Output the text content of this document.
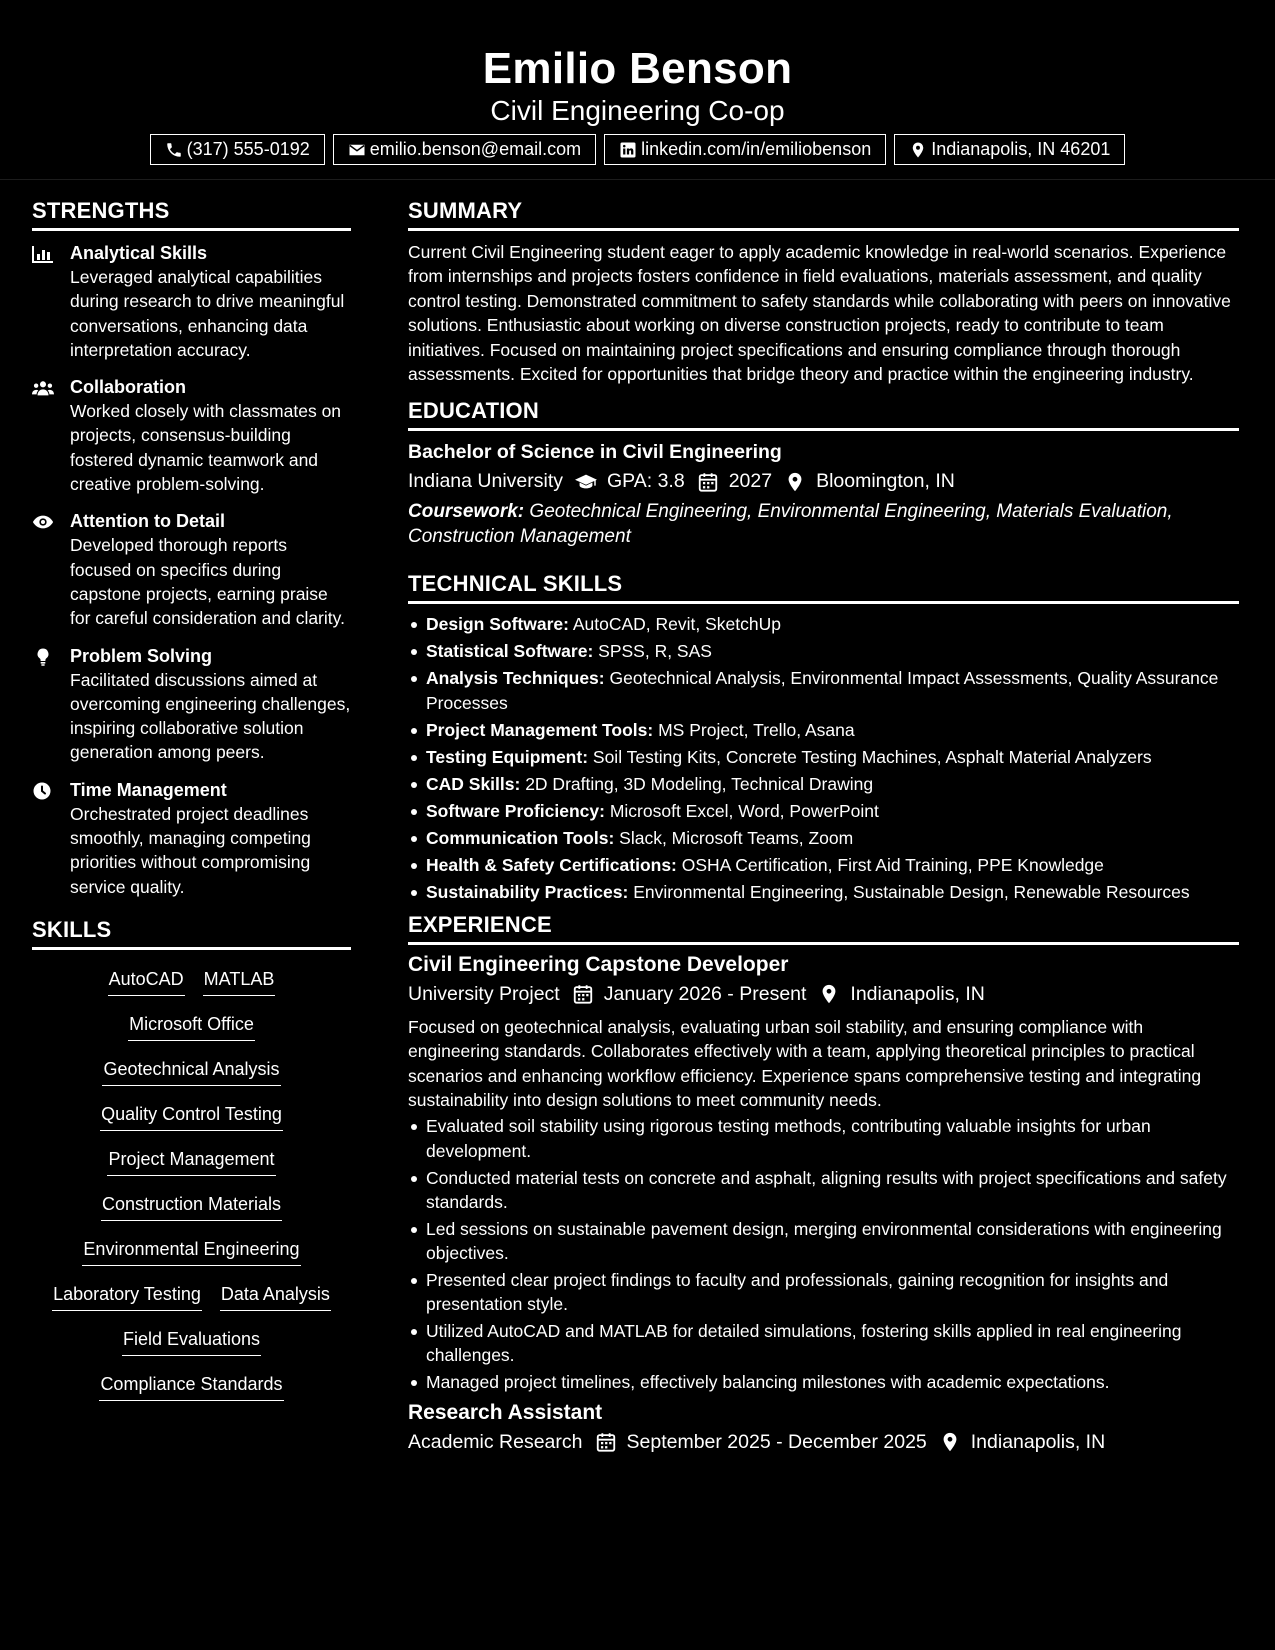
Emilio Benson
Civil Engineering Co-op
(317) 555-0192	emilio.benson@email.com	linkedin.com/in/emiliobenson	Indianapolis, IN 46201
STRENGTHS
Analytical Skills
Leveraged analytical capabilities during research to drive meaningful conversations, enhancing data interpretation accuracy.
Collaboration
Worked closely with classmates on projects, consensus-building fostered dynamic teamwork and creative problem-solving.
Attention to Detail
Developed thorough reports focused on specifics during capstone projects, earning praise for careful consideration and clarity.
Problem Solving
Facilitated discussions aimed at overcoming engineering challenges, inspiring collaborative solution generation among peers.
Time Management
Orchestrated project deadlines smoothly, managing competing priorities without compromising service quality.
SKILLS
AutoCAD MATLAB
Microsoft Office
Geotechnical Analysis
Quality Control Testing
Project Management
Construction Materials
Environmental Engineering
Laboratory Testing Data Analysis
Field Evaluations
Compliance Standards
SUMMARY
Current Civil Engineering student eager to apply academic knowledge in real-world scenarios. Experience from internships and projects fosters confidence in field evaluations, materials assessment, and quality control testing. Demonstrated commitment to safety standards while collaborating with peers on innovative solutions. Enthusiastic about working on diverse construction projects, ready to contribute to team initiatives. Focused on maintaining project specifications and ensuring compliance through thorough assessments. Excited for opportunities that bridge theory and practice within the engineering industry.
EDUCATION
Bachelor of Science in Civil Engineering
Indiana University GPA: 3.8 2027 Bloomington, IN
Coursework: Geotechnical Engineering, Environmental Engineering, Materials Evaluation, Construction Management
TECHNICAL SKILLS
Design Software: AutoCAD, Revit, SketchUp
Statistical Software: SPSS, R, SAS
Analysis Techniques: Geotechnical Analysis, Environmental Impact Assessments, Quality Assurance Processes
Project Management Tools: MS Project, Trello, Asana
Testing Equipment: Soil Testing Kits, Concrete Testing Machines, Asphalt Material Analyzers
CAD Skills: 2D Drafting, 3D Modeling, Technical Drawing
Software Proficiency: Microsoft Excel, Word, PowerPoint
Communication Tools: Slack, Microsoft Teams, Zoom
Health & Safety Certifications: OSHA Certification, First Aid Training, PPE Knowledge
Sustainability Practices: Environmental Engineering, Sustainable Design, Renewable Resources
EXPERIENCE
Civil Engineering Capstone Developer
University Project January 2026 - Present Indianapolis, IN
Focused on geotechnical analysis, evaluating urban soil stability, and ensuring compliance with engineering standards. Collaborates effectively with a team, applying theoretical principles to practical scenarios and enhancing workflow efficiency. Experience spans comprehensive testing and integrating sustainability into design solutions to meet community needs.
Evaluated soil stability using rigorous testing methods, contributing valuable insights for urban development.
Conducted material tests on concrete and asphalt, aligning results with project specifications and safety standards.
Led sessions on sustainable pavement design, merging environmental considerations with engineering objectives.
Presented clear project findings to faculty and professionals, gaining recognition for insights and presentation style.
Utilized AutoCAD and MATLAB for detailed simulations, fostering skills applied in real engineering challenges.
Managed project timelines, effectively balancing milestones with academic expectations.
Research Assistant
Academic Research September 2025 - December 2025 Indianapolis, IN
